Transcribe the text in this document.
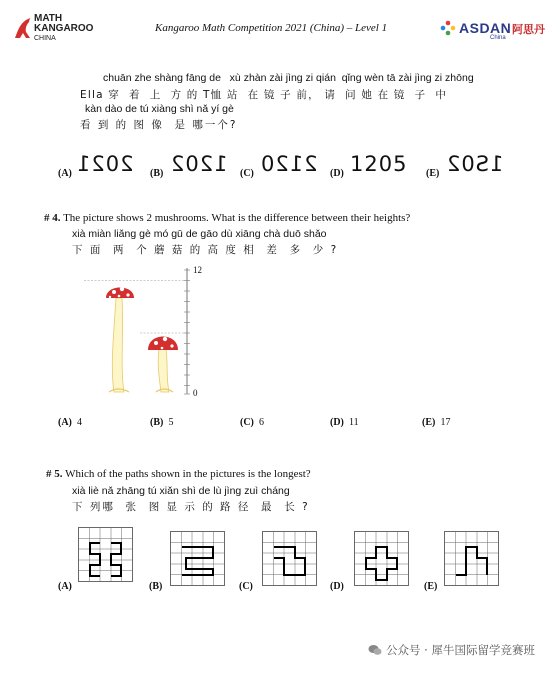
MATH
KANGAROO
CHINA
Kangaroo Math Competition 2021 (China) – Level 1	ASDAN
China
阿思丹
chuān zhe shàng fāng de   xù zhàn zài jìng zi qián  qǐng wèn tā zài jìng zi zhōng
Ella 穿  着  上  方 的 T恤 站  在 镜 子 前， 请  问 她 在 镜  子  中
kàn dào de tú xiàng shì nǎ yí gè
看 到 的 图 像  是 哪一个?
(A) 2021 (B) 1202 (C) 2120 (D) 1205 (E) 1S02
# 4. The picture shows 2 mushrooms. What is the difference between their heights?
xià miàn liǎng gè mó gū de gāo dù xiāng chà duō shǎo
下 面  两  个 蘑 菇 的 高 度 相  差  多  少 ?
12
0
(A) 4	(B) 5	(C) 6	(D) 11	(E) 17
# 5. Which of the paths shown in the pictures is the longest?
xià liè nǎ zhāng tú xiǎn shì de lù jìng zuì cháng
下 列哪  张  图 显 示 的 路 径  最  长 ?
(A)	(B)	(C)	(D)	(E)
公众号 · 犀牛国际留学竞赛班
